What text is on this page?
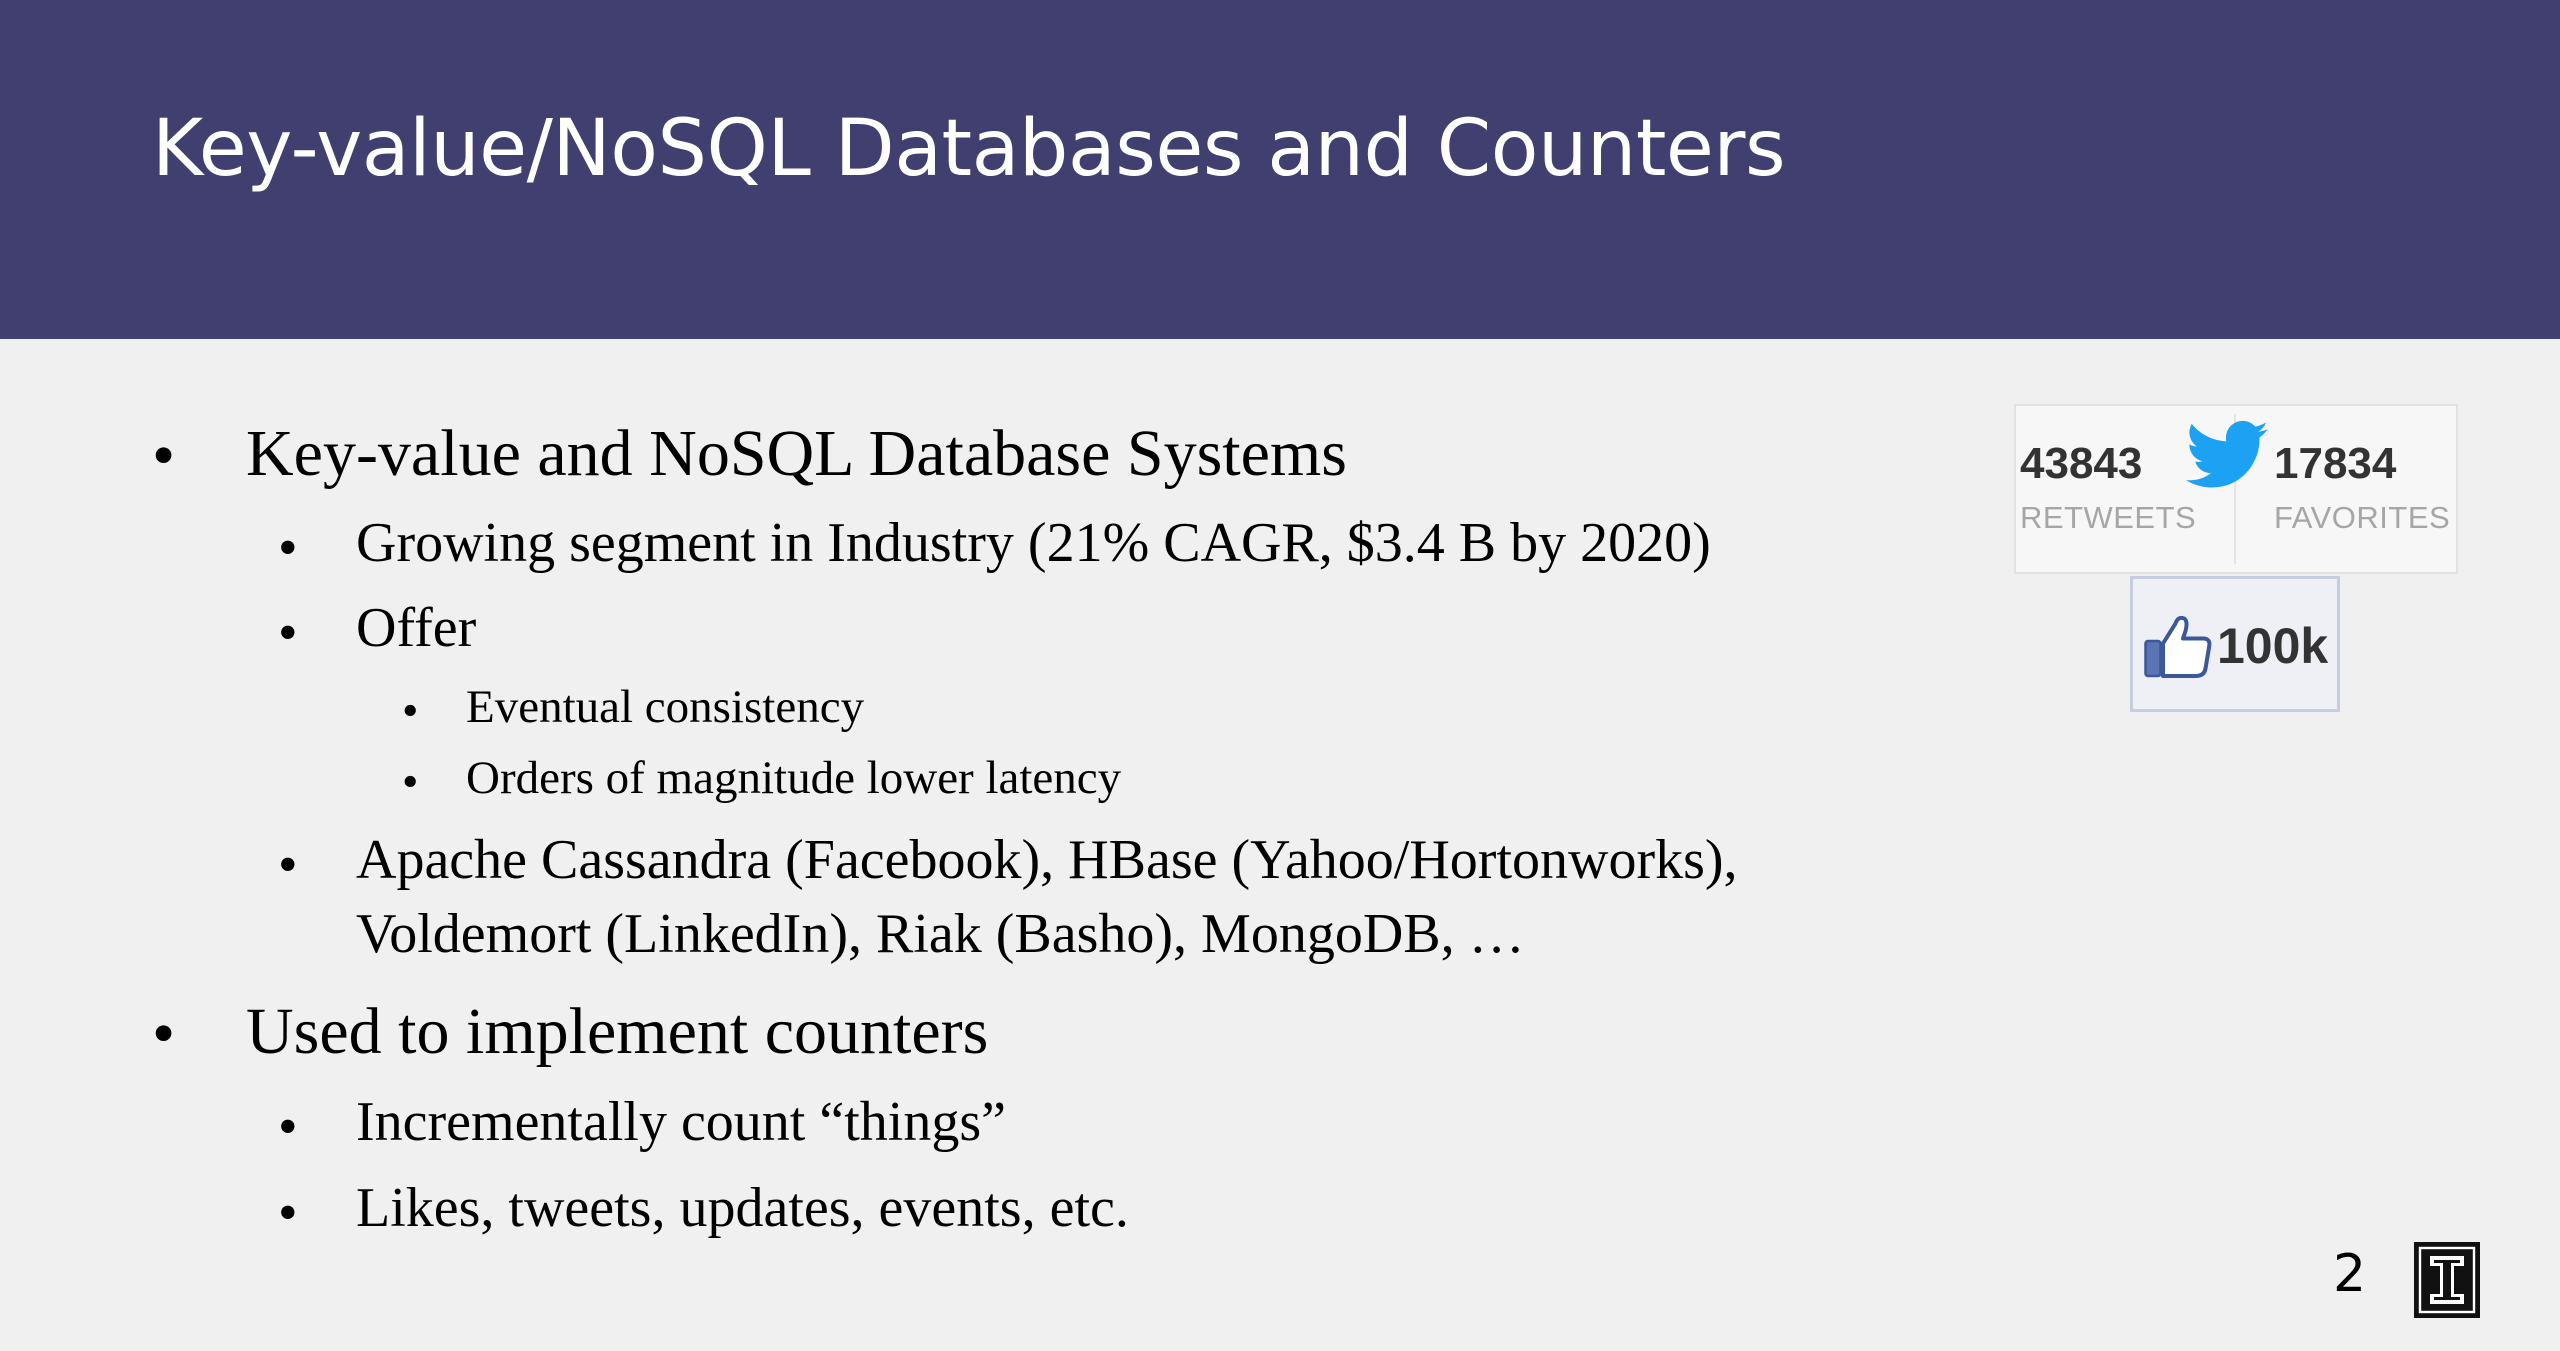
Key-value/NoSQL Databases and Counters
• Key-value and NoSQL Database Systems
• Growing segment in Industry (21% CAGR, $3.4 B by 2020)
• Offer
• Eventual consistency
• Orders of magnitude lower latency
• Apache Cassandra (Facebook), HBase (Yahoo/Hortonworks),
Voldemort (LinkedIn), Riak (Basho), MongoDB, …
• Used to implement counters
• Incrementally count “things”
• Likes, tweets, updates, events, etc.
43843
RETWEETS
17834
FAVORITES
100k
2
